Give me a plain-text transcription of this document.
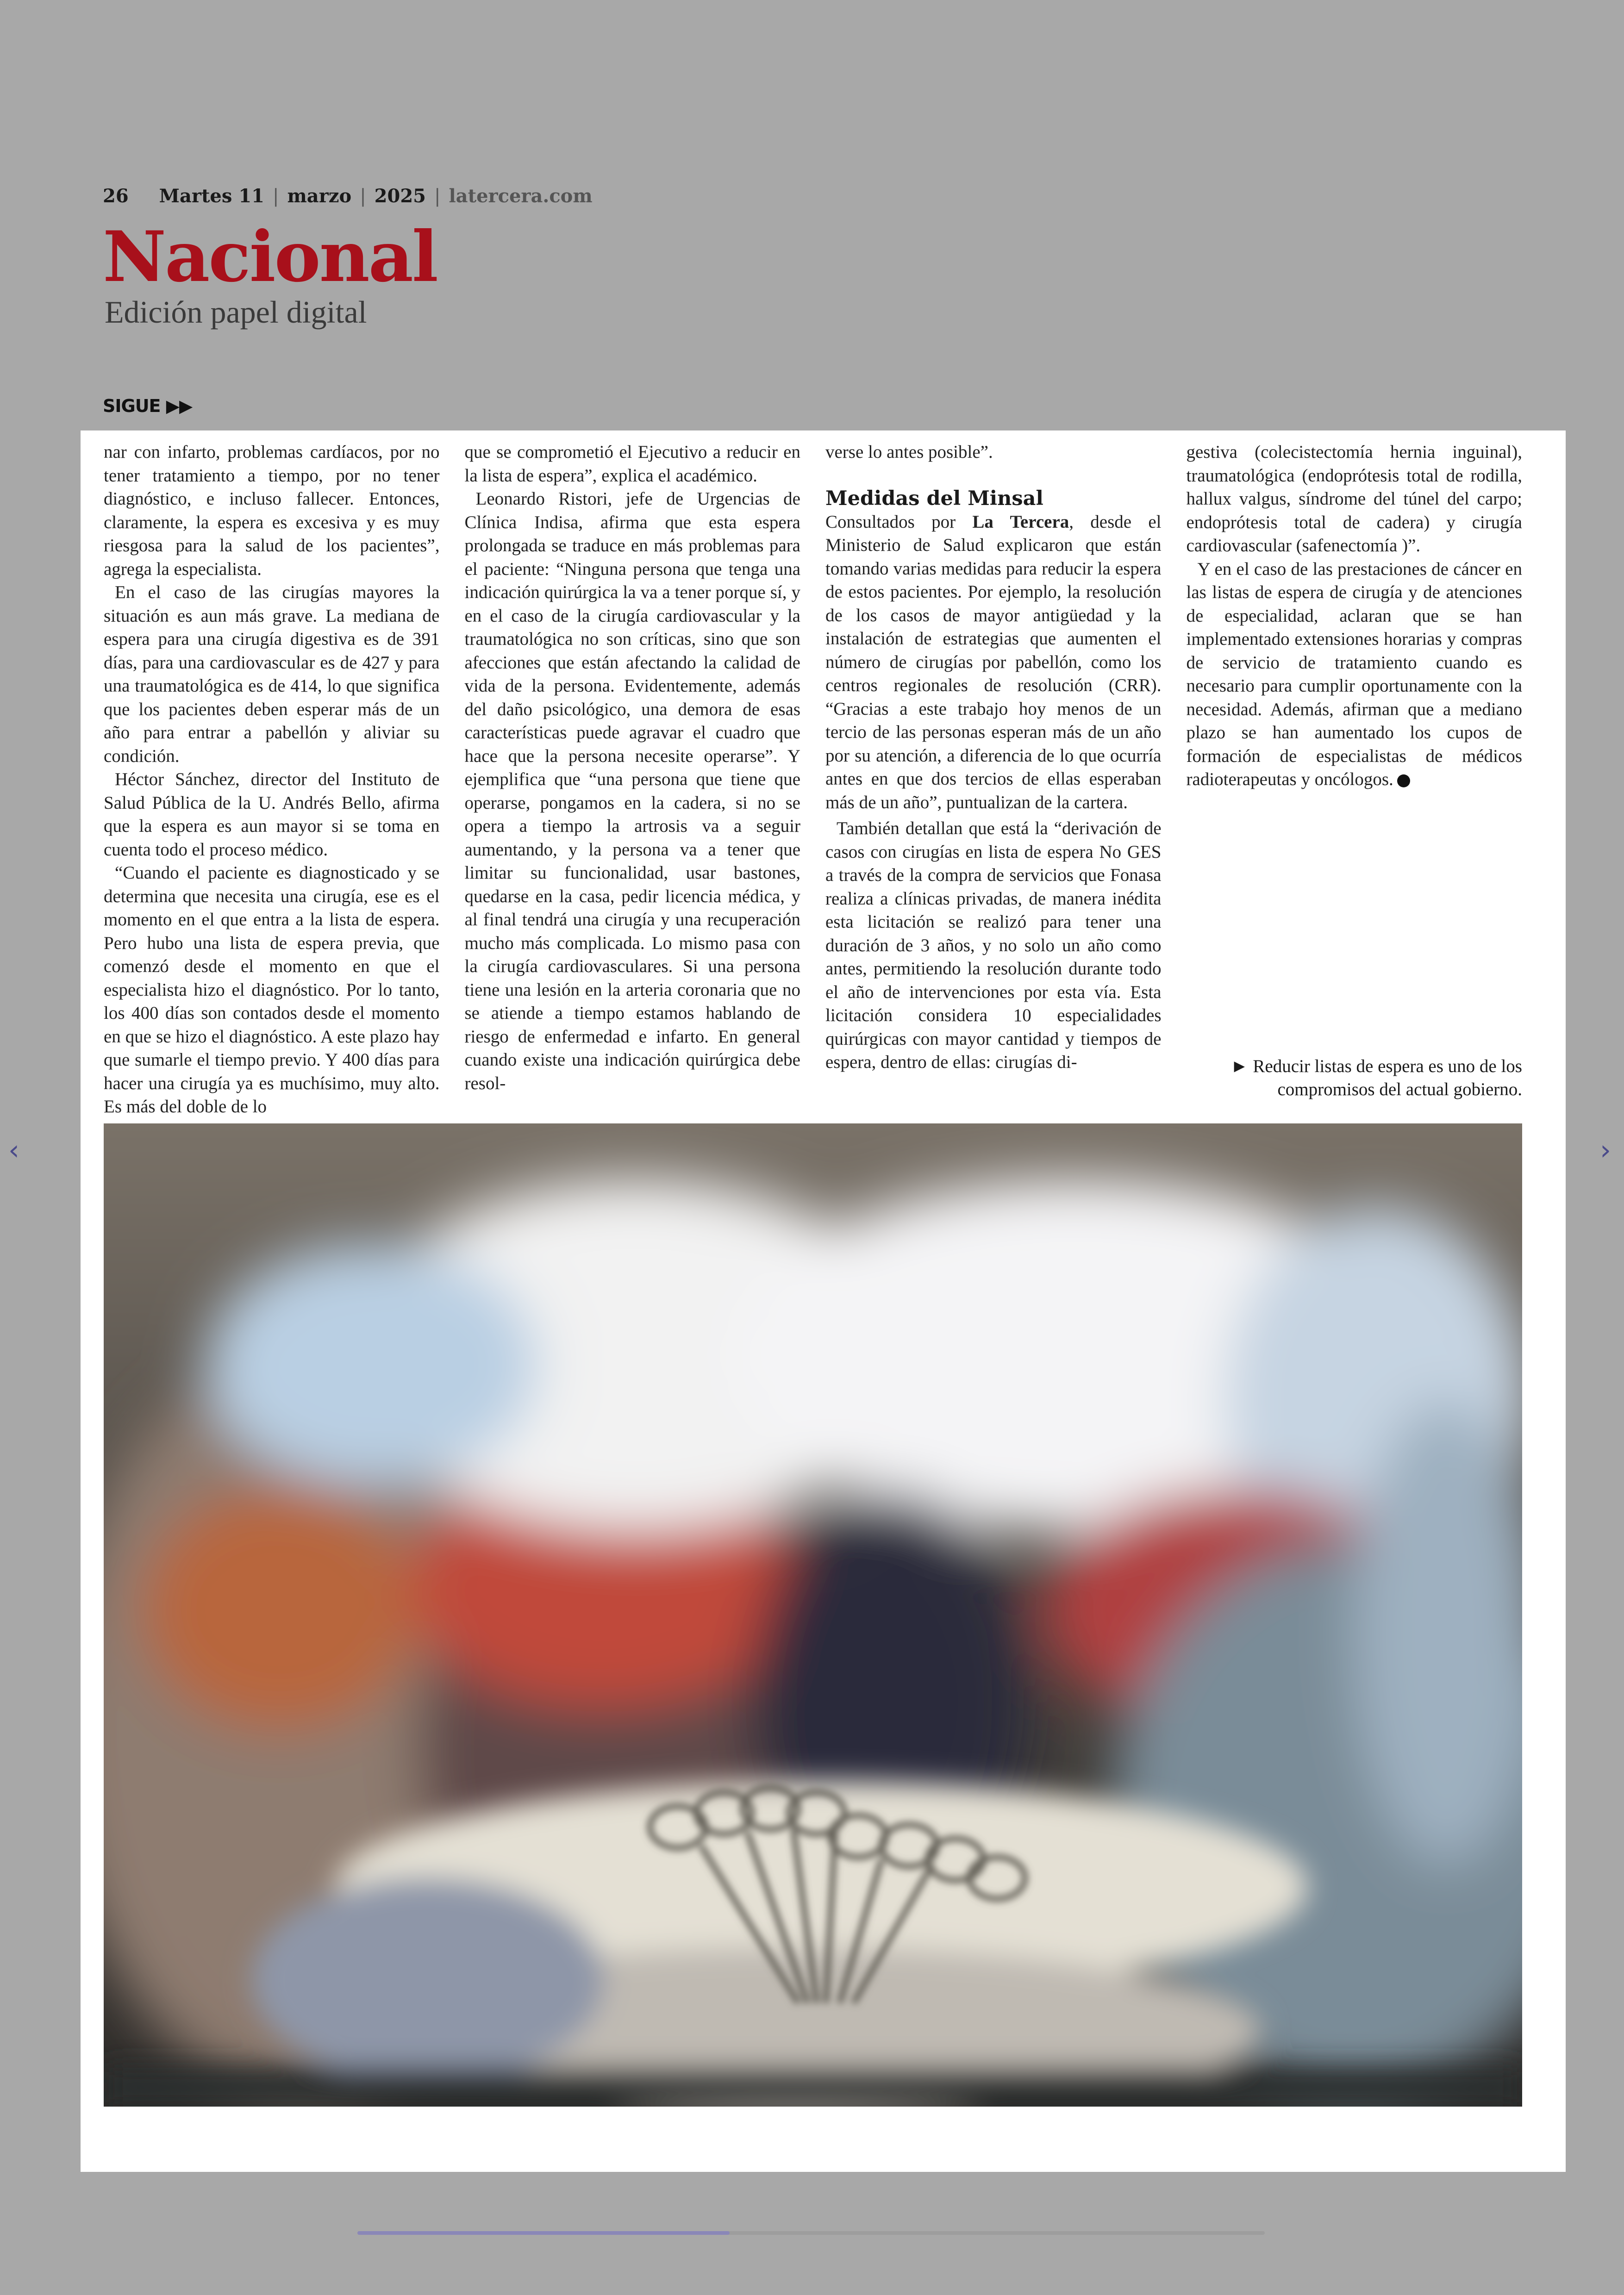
26 Martes 11 | marzo | 2025 | latercera.com
Nacional
Edición papel digital
SIGUE ▶▶
‹	›

nar con infarto, problemas cardíacos, por no tener tratamiento a tiempo, por no tener diagnóstico, e incluso fallecer. Entonces, claramente, la espera es excesiva y es muy riesgosa para la salud de los pacientes”, agrega la especialista.

En el caso de las cirugías mayores la situación es aun más grave. La mediana de espera para una cirugía digestiva es de 391 días, para una cardiovascular es de 427 y para una traumatológica es de 414, lo que significa que los pacientes deben esperar más de un año para entrar a pabellón y aliviar su condición.

Héctor Sánchez, director del Instituto de Salud Pública de la U. Andrés Bello, afirma que la espera es aun mayor si se toma en cuenta todo el proceso médico.

“Cuando el paciente es diagnosticado y se determina que necesita una cirugía, ese es el momento en el que entra a la lista de espera. Pero hubo una lista de espera previa, que comenzó desde el momento en que el especialista hizo el diagnóstico. Por lo tanto, los 400 días son contados desde el momento en que se hizo el diagnóstico. A este plazo hay que sumarle el tiempo previo. Y 400 días para hacer una cirugía ya es muchísimo, muy alto. Es más del doble de lo

que se comprometió el Ejecutivo a reducir en la lista de espera”, explica el académico.

Leonardo Ristori, jefe de Urgencias de Clínica Indisa, afirma que esta espera prolongada se traduce en más problemas para el paciente: “Ninguna persona que tenga una indicación quirúrgica la va a tener porque sí, y en el caso de la cirugía cardiovascular y la traumatológica no son críticas, sino que son afecciones que están afectando la calidad de vida de la persona. Evidentemente, además del daño psicológico, una demora de esas características puede agravar el cuadro que hace que la persona necesite operarse”. Y ejemplifica que “una persona que tiene que operarse, pongamos en la cadera, si no se opera a tiempo la artrosis va a seguir aumentando, y la persona va a tener que limitar su funcionalidad, usar bastones, quedarse en la casa, pedir licencia médica, y al final tendrá una cirugía y una recuperación mucho más complicada. Lo mismo pasa con la cirugía cardiovasculares. Si una persona tiene una lesión en la arteria coronaria que no se atiende a tiempo estamos hablando de riesgo de enfermedad e infarto. En general cuando existe una indicación quirúrgica debe resol-

verse lo antes posible”.

Medidas del Minsal

Consultados por La Tercera, desde el Ministerio de Salud explicaron que están tomando varias medidas para reducir la espera de estos pacientes. Por ejemplo, la resolución de los casos de mayor antigüedad y la instalación de estrategias que aumenten el número de cirugías por pabellón, como los centros regionales de resolución (CRR). “Gracias a este trabajo hoy menos de un tercio de las personas esperan más de un año por su atención, a diferencia de lo que ocurría antes en que dos tercios de ellas esperaban más de un año”, puntualizan de la cartera.

También detallan que está la “derivación de casos con cirugías en lista de espera No GES a través de la compra de servicios que Fonasa realiza a clínicas privadas, de manera inédita esta licitación se realizó para tener una duración de 3 años, y no solo un año como antes, permitiendo la resolución durante todo el año de intervenciones por esta vía. Esta licitación considera 10 especialidades quirúrgicas con mayor cantidad y tiempos de espera, dentro de ellas: cirugías di-

gestiva (colecistectomía hernia inguinal), traumatológica (endoprótesis total de rodilla, hallux valgus, síndrome del túnel del carpo; endoprótesis total de cadera) y cirugía cardiovascular (safenectomía )”.

Y en el caso de las prestaciones de cáncer en las listas de espera de cirugía y de atenciones de especialidad, aclaran que se han implementado extensiones horarias y compras de servicio de tratamiento cuando es necesario para cumplir oportunamente con la necesidad. Además, afirman que a mediano plazo se han aumentado los cupos de formación de especialistas de médicos radioterapeutas y oncólogos.

► Reducir listas de espera es uno de los compromisos del actual gobierno.
